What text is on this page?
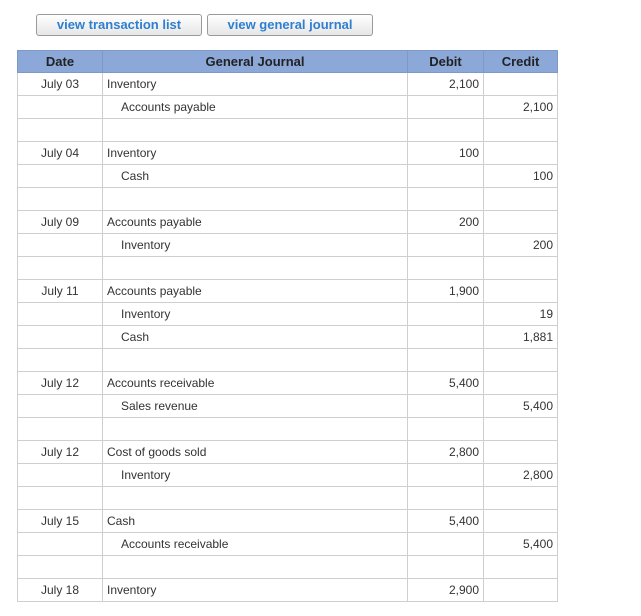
view transaction list	view general journal
Date	General Journal	Debit	Credit
July 03	Inventory	2,100	
	Accounts payable		2,100

July 04	Inventory	100	
	Cash		100

July 09	Accounts payable	200	
	Inventory		200

July 11	Accounts payable	1,900	
	Inventory		19
	Cash		1,881

July 12	Accounts receivable	5,400	
	Sales revenue		5,400

July 12	Cost of goods sold	2,800	
	Inventory		2,800

July 15	Cash	5,400	
	Accounts receivable		5,400

July 18	Inventory	2,900	
